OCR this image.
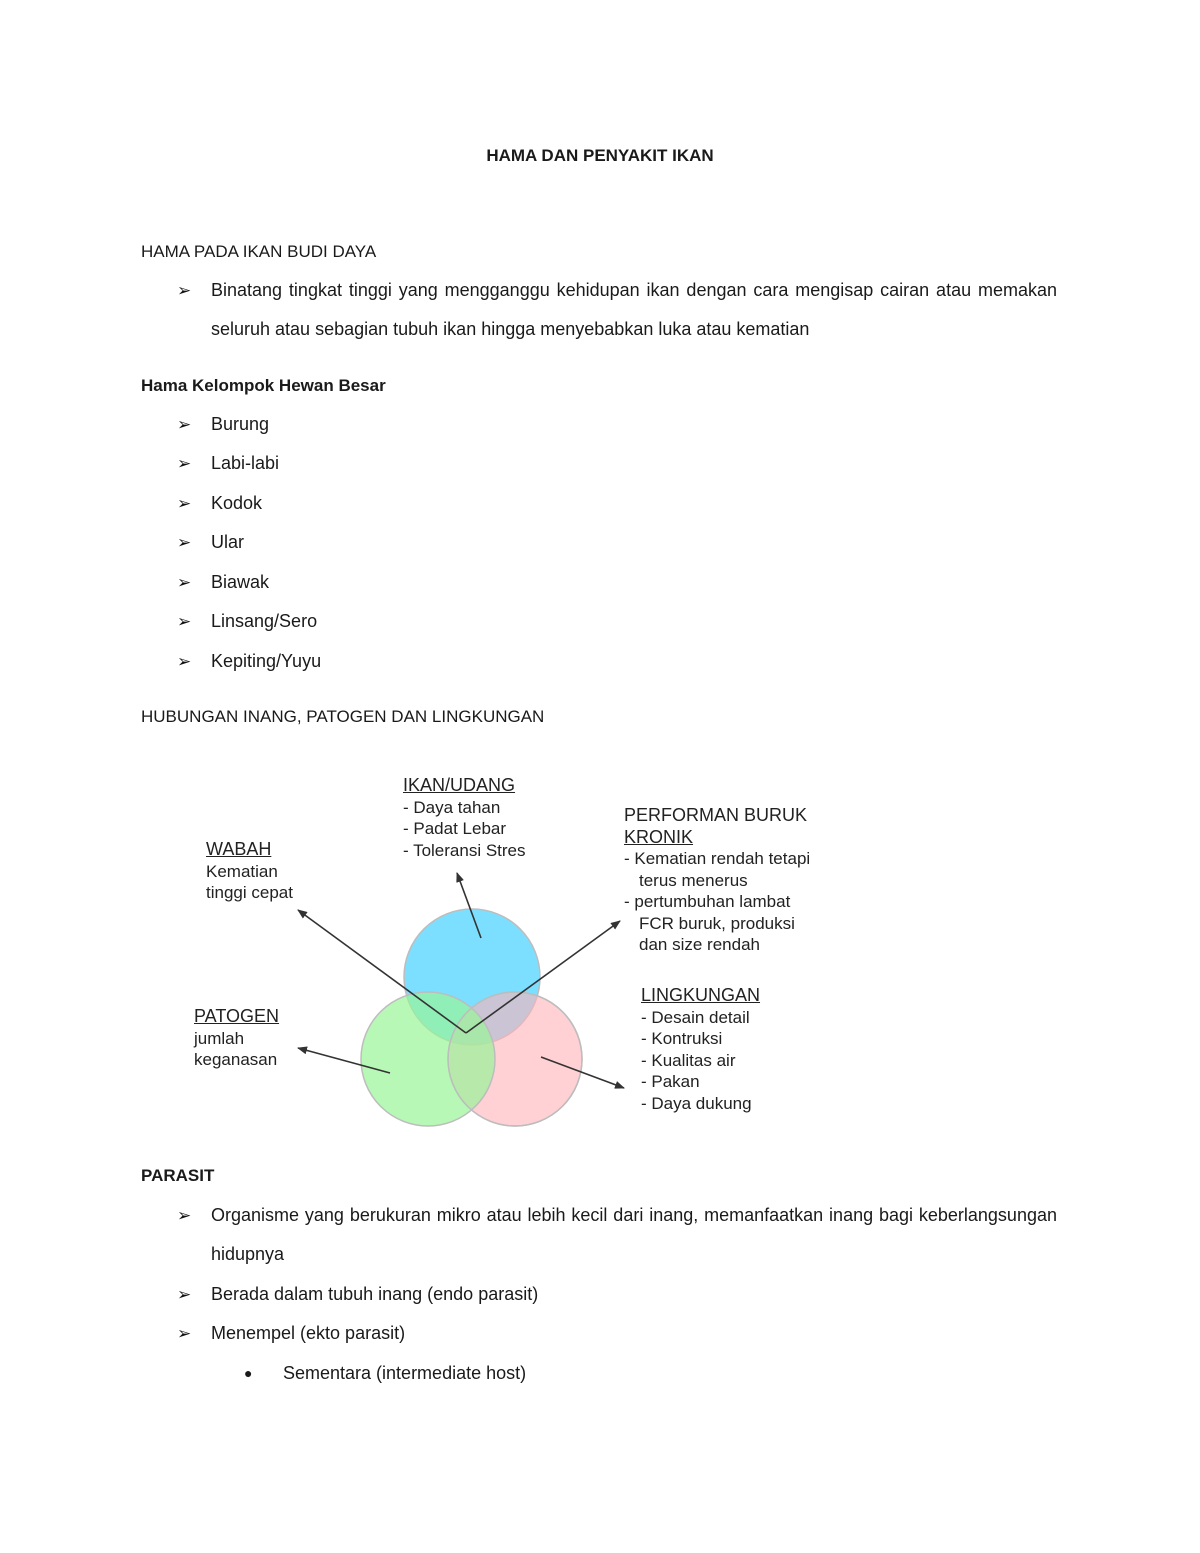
HAMA DAN PENYAKIT IKAN
HAMA PADA IKAN BUDI DAYA
➢ Binatang tingkat tinggi yang mengganggu kehidupan ikan dengan cara mengisap cairan atau memakan seluruh atau sebagian tubuh ikan hingga menyebabkan luka atau kematian
Hama Kelompok Hewan Besar
➢ Burung
➢ Labi-labi
➢ Kodok
➢ Ular
➢ Biawak
➢ Linsang/Sero
➢ Kepiting/Yuyu
HUBUNGAN INANG, PATOGEN DAN LINGKUNGAN
IKAN/UDANG
- Daya tahan
- Padat Lebar
- Toleransi Stres
WABAH
Kematian
tinggi cepat
PERFORMAN BURUK
KRONIK
- Kematian rendah tetapi
terus menerus
- pertumbuhan lambat
FCR buruk, produksi
dan size rendah
PATOGEN
jumlah
keganasan
LINGKUNGAN
- Desain detail
- Kontruksi
- Kualitas air
- Pakan
- Daya dukung
PARASIT
➢ Organisme yang berukuran mikro atau lebih kecil dari inang, memanfaatkan inang bagi keberlangsungan hidupnya
➢ Berada dalam tubuh inang (endo parasit)
➢ Menempel (ekto parasit)
● Sementara (intermediate host)
